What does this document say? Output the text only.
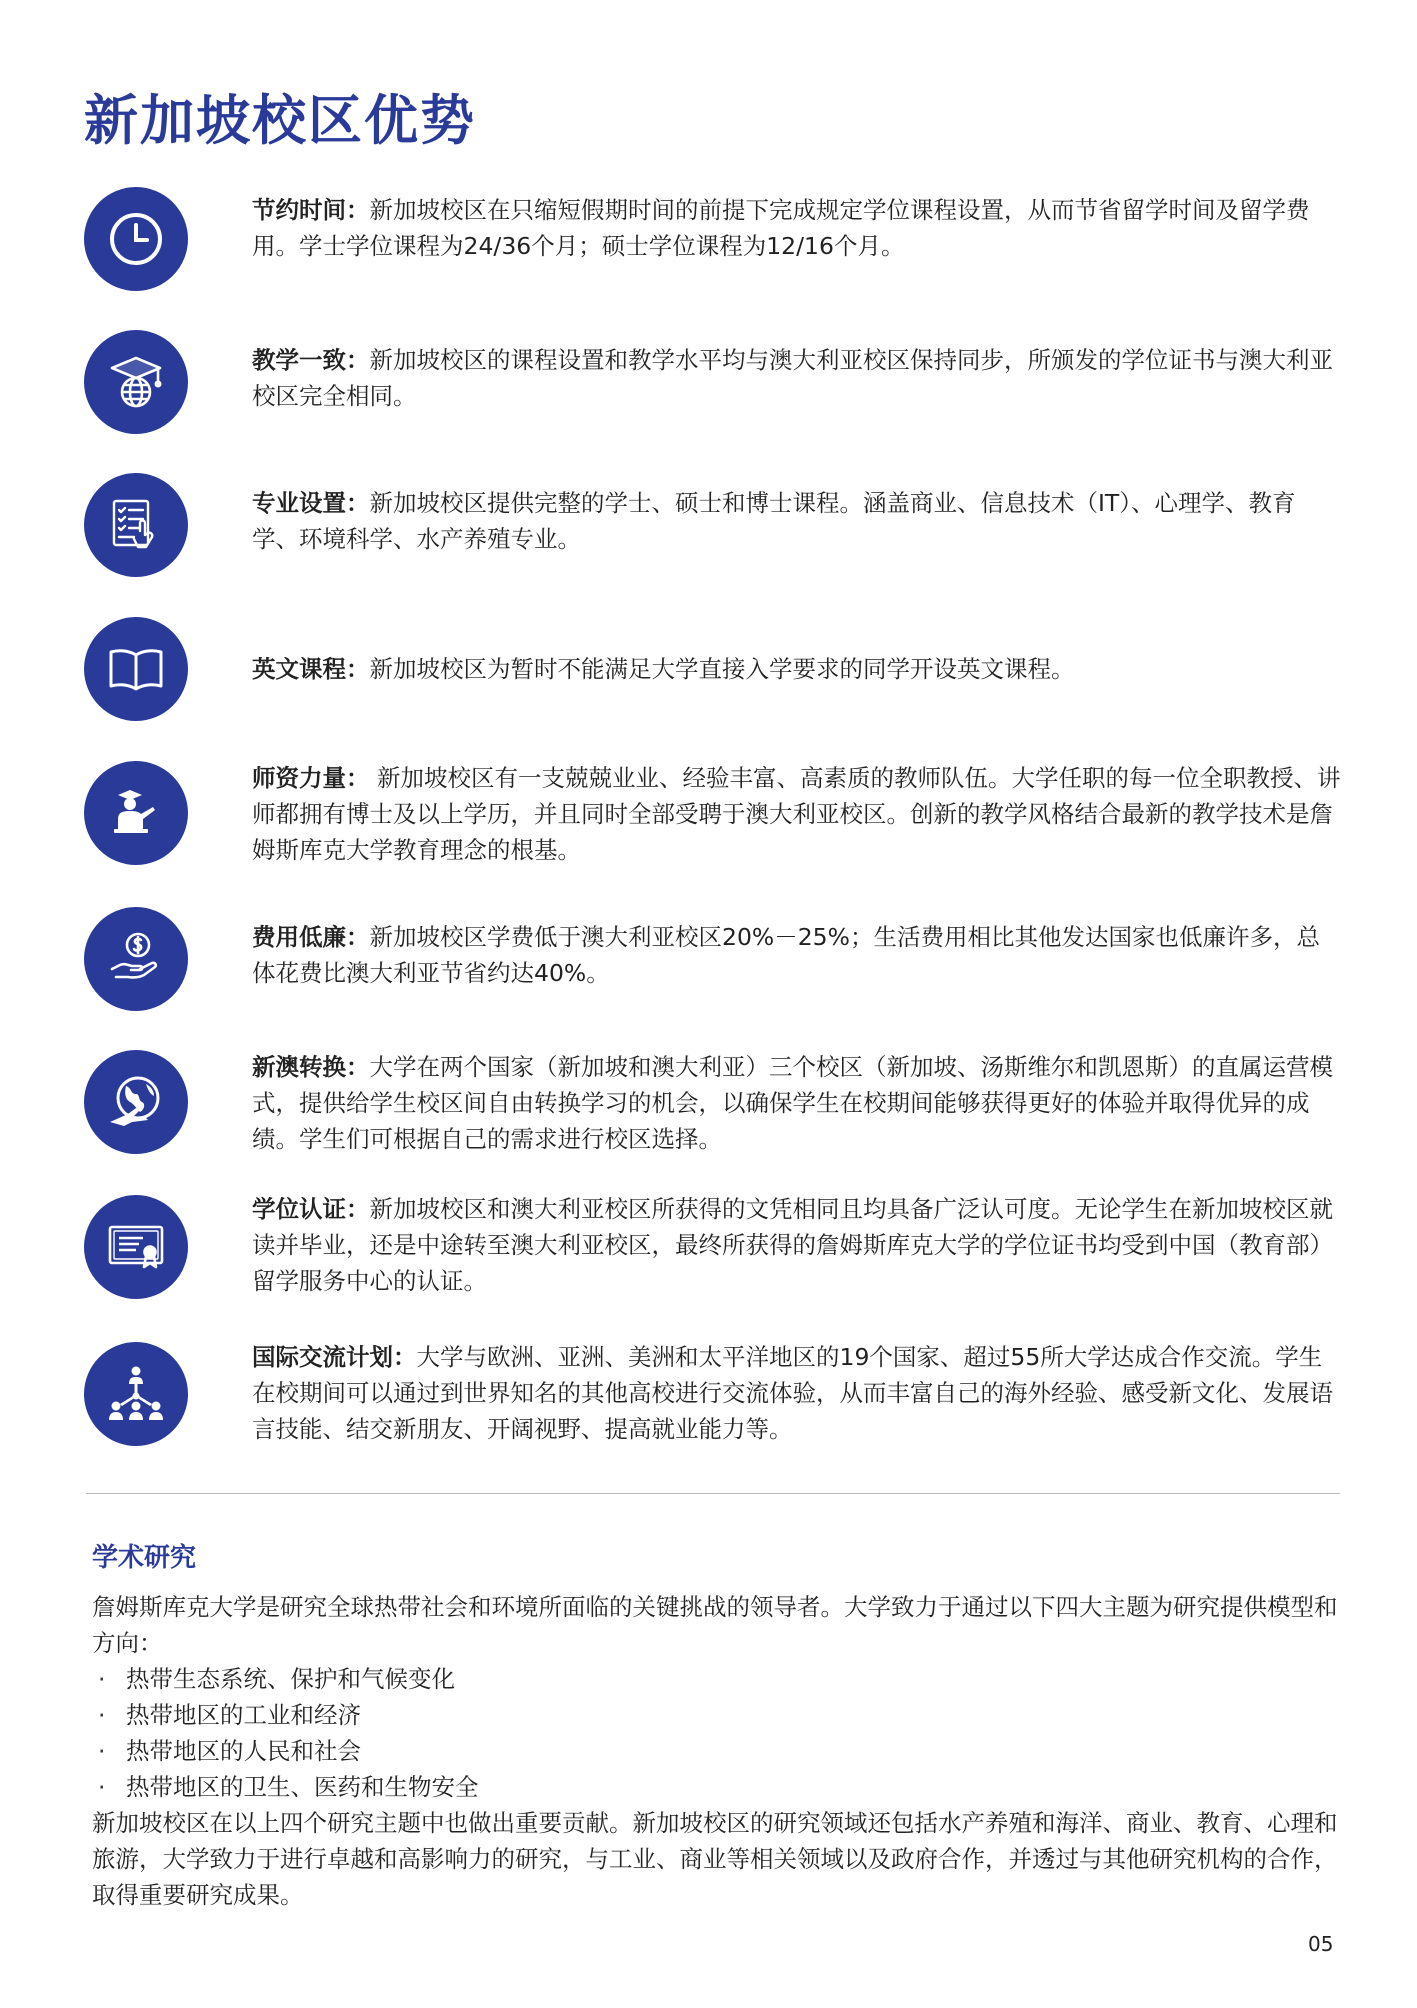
新加坡校区优势
节约时间：新加坡校区在只缩短假期时间的前提下完成规定学位课程设置，从而节省留学时间及留学费用。学士学位课程为24/36个月；硕士学位课程为12/16个月。
教学一致：新加坡校区的课程设置和教学水平均与澳大利亚校区保持同步，所颁发的学位证书与澳大利亚校区完全相同。
专业设置：新加坡校区提供完整的学士、硕士和博士课程。涵盖商业、信息技术（IT）、心理学、教育学、环境科学、水产养殖专业。
英文课程：新加坡校区为暂时不能满足大学直接入学要求的同学开设英文课程。
师资力量： 新加坡校区有一支兢兢业业、经验丰富、高素质的教师队伍。大学任职的每一位全职教授、讲师都拥有博士及以上学历，并且同时全部受聘于澳大利亚校区。创新的教学风格结合最新的教学技术是詹姆斯库克大学教育理念的根基。
费用低廉：新加坡校区学费低于澳大利亚校区20%－25%；生活费用相比其他发达国家也低廉许多，总体花费比澳大利亚节省约达40%。
新澳转换：大学在两个国家（新加坡和澳大利亚）三个校区（新加坡、汤斯维尔和凯恩斯）的直属运营模式，提供给学生校区间自由转换学习的机会，以确保学生在校期间能够获得更好的体验并取得优异的成绩。学生们可根据自己的需求进行校区选择。
学位认证：新加坡校区和澳大利亚校区所获得的文凭相同且均具备广泛认可度。无论学生在新加坡校区就读并毕业，还是中途转至澳大利亚校区，最终所获得的詹姆斯库克大学的学位证书均受到中国（教育部）留学服务中心的认证。
国际交流计划：大学与欧洲、亚洲、美洲和太平洋地区的19个国家、超过55所大学达成合作交流。学生在校期间可以通过到世界知名的其他高校进行交流体验，从而丰富自己的海外经验、感受新文化、发展语言技能、结交新朋友、开阔视野、提高就业能力等。
学术研究

詹姆斯库克大学是研究全球热带社会和环境所面临的关键挑战的领导者。大学致力于通过以下四大主题为研究提供模型和方向：

· 热带生态系统、保护和气候变化
· 热带地区的工业和经济
· 热带地区的人民和社会
· 热带地区的卫生、医药和生物安全

新加坡校区在以上四个研究主题中也做出重要贡献。新加坡校区的研究领域还包括水产养殖和海洋、商业、教育、心理和旅游，大学致力于进行卓越和高影响力的研究，与工业、商业等相关领域以及政府合作，并透过与其他研究机构的合作，取得重要研究成果。

05
